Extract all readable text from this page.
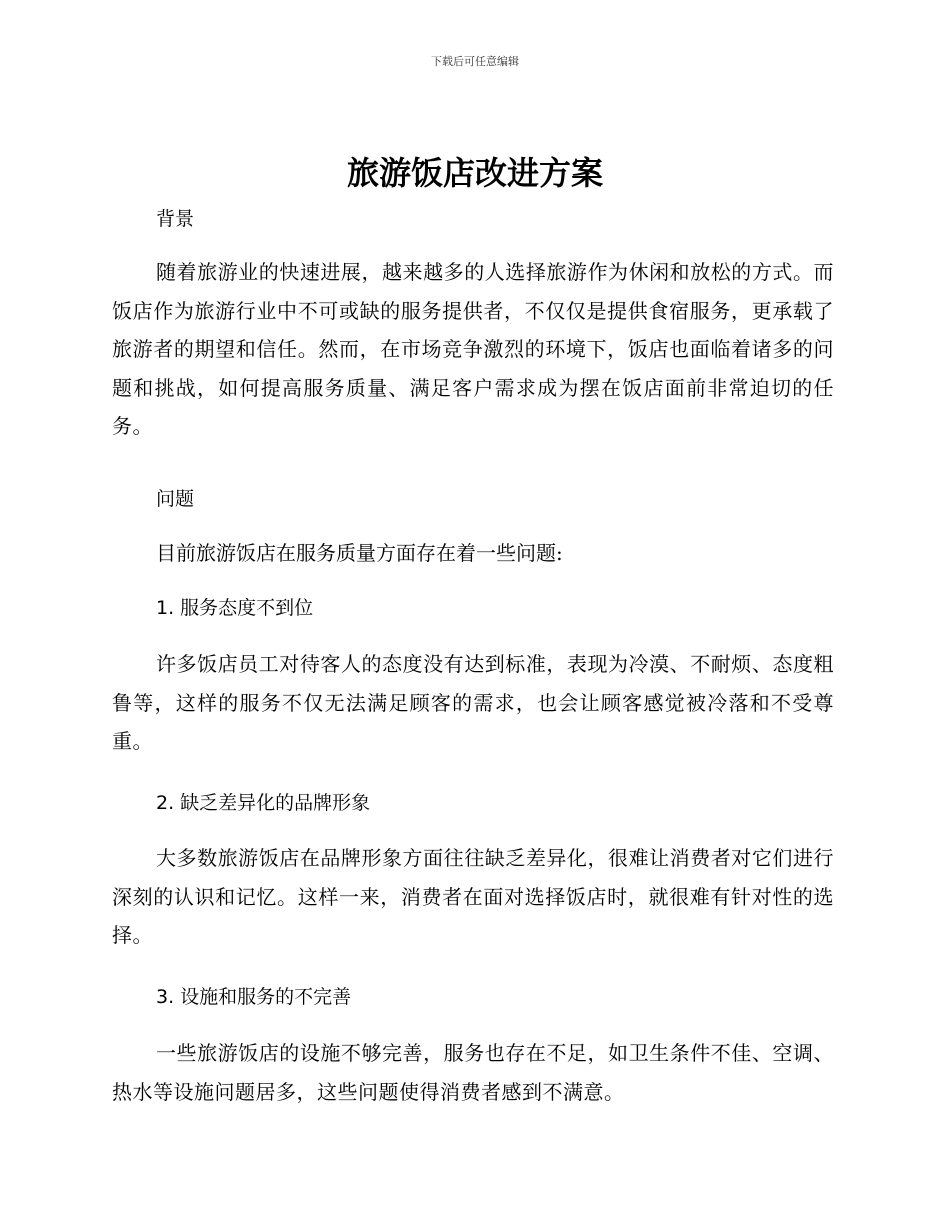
下载后可任意编辑
旅游饭店改进方案

背景

随着旅游业的快速进展，越来越多的人选择旅游作为休闲和放松的方式。而饭店作为旅游行业中不可或缺的服务提供者，不仅仅是提供食宿服务，更承载了旅游者的期望和信任。然而，在市场竞争激烈的环境下，饭店也面临着诸多的问题和挑战，如何提高服务质量、满足客户需求成为摆在饭店面前非常迫切的任务。

问题

目前旅游饭店在服务质量方面存在着一些问题:

1. 服务态度不到位

许多饭店员工对待客人的态度没有达到标准，表现为冷漠、不耐烦、态度粗鲁等，这样的服务不仅无法满足顾客的需求，也会让顾客感觉被冷落和不受尊重。

2. 缺乏差异化的品牌形象

大多数旅游饭店在品牌形象方面往往缺乏差异化，很难让消费者对它们进行深刻的认识和记忆。这样一来，消费者在面对选择饭店时，就很难有针对性的选择。

3. 设施和服务的不完善

一些旅游饭店的设施不够完善，服务也存在不足，如卫生条件不佳、空调、热水等设施问题居多，这些问题使得消费者感到不满意。
